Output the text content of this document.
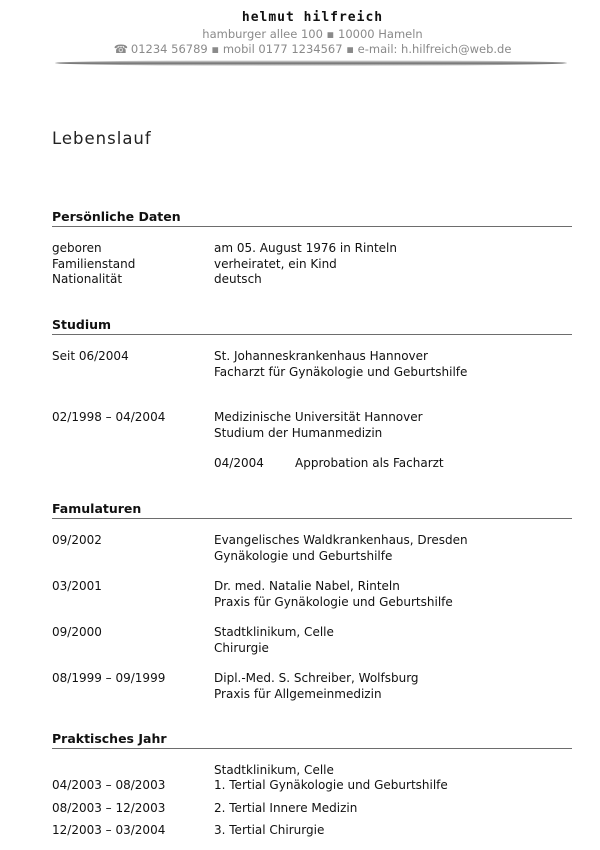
helmut hilfreich
hamburger allee 100 ▪ 10000 Hameln
☎ 01234 56789 ▪ mobil 0177 1234567 ▪ e-mail: h.hilfreich@web.de
Lebenslauf
Persönliche Daten
geboren	am 05. August 1976 in Rinteln
Familienstand	verheiratet, ein Kind
Nationalität	deutsch
Studium
Seit 06/2004	St. Johanneskrankenhaus Hannover
Facharzt für Gynäkologie und Geburtshilfe
02/1998 – 04/2004	Medizinische Universität Hannover
Studium der Humanmedizin
04/2004	Approbation als Facharzt
Famulaturen
09/2002	Evangelisches Waldkrankenhaus, Dresden
Gynäkologie und Geburtshilfe
03/2001	Dr. med. Natalie Nabel, Rinteln
Praxis für Gynäkologie und Geburtshilfe
09/2000	Stadtklinikum, Celle
Chirurgie
08/1999 – 09/1999	Dipl.-Med. S. Schreiber, Wolfsburg
Praxis für Allgemeinmedizin
Praktisches Jahr
Stadtklinikum, Celle
04/2003 – 08/2003	1. Tertial Gynäkologie und Geburtshilfe
08/2003 – 12/2003	2. Tertial Innere Medizin
12/2003 – 03/2004	3. Tertial Chirurgie
